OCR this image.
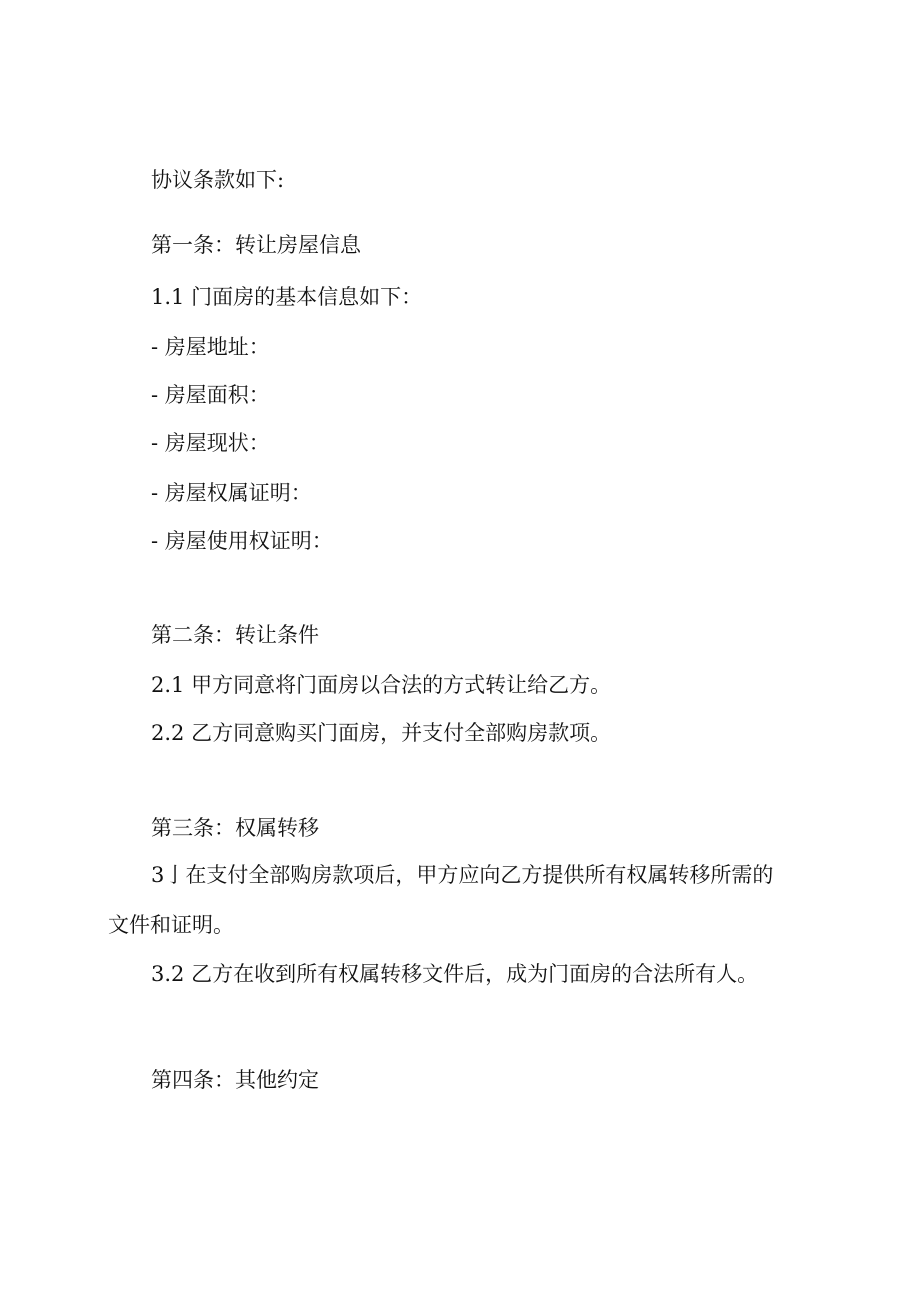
协议条款如下:

第一条：转让房屋信息

1.1 门面房的基本信息如下：

- 房屋地址：

- 房屋面积：

- 房屋现状：

- 房屋权属证明：

- 房屋使用权证明：

第二条：转让条件

2.1 甲方同意将门面房以合法的方式转让给乙方。

2.2 乙方同意购买门面房，并支付全部购房款项。

第三条：权属转移

3亅在支付全部购房款项后，甲方应向乙方提供所有权属转移所需的

文件和证明。

3.2 乙方在收到所有权属转移文件后，成为门面房的合法所有人。

第四条：其他约定
